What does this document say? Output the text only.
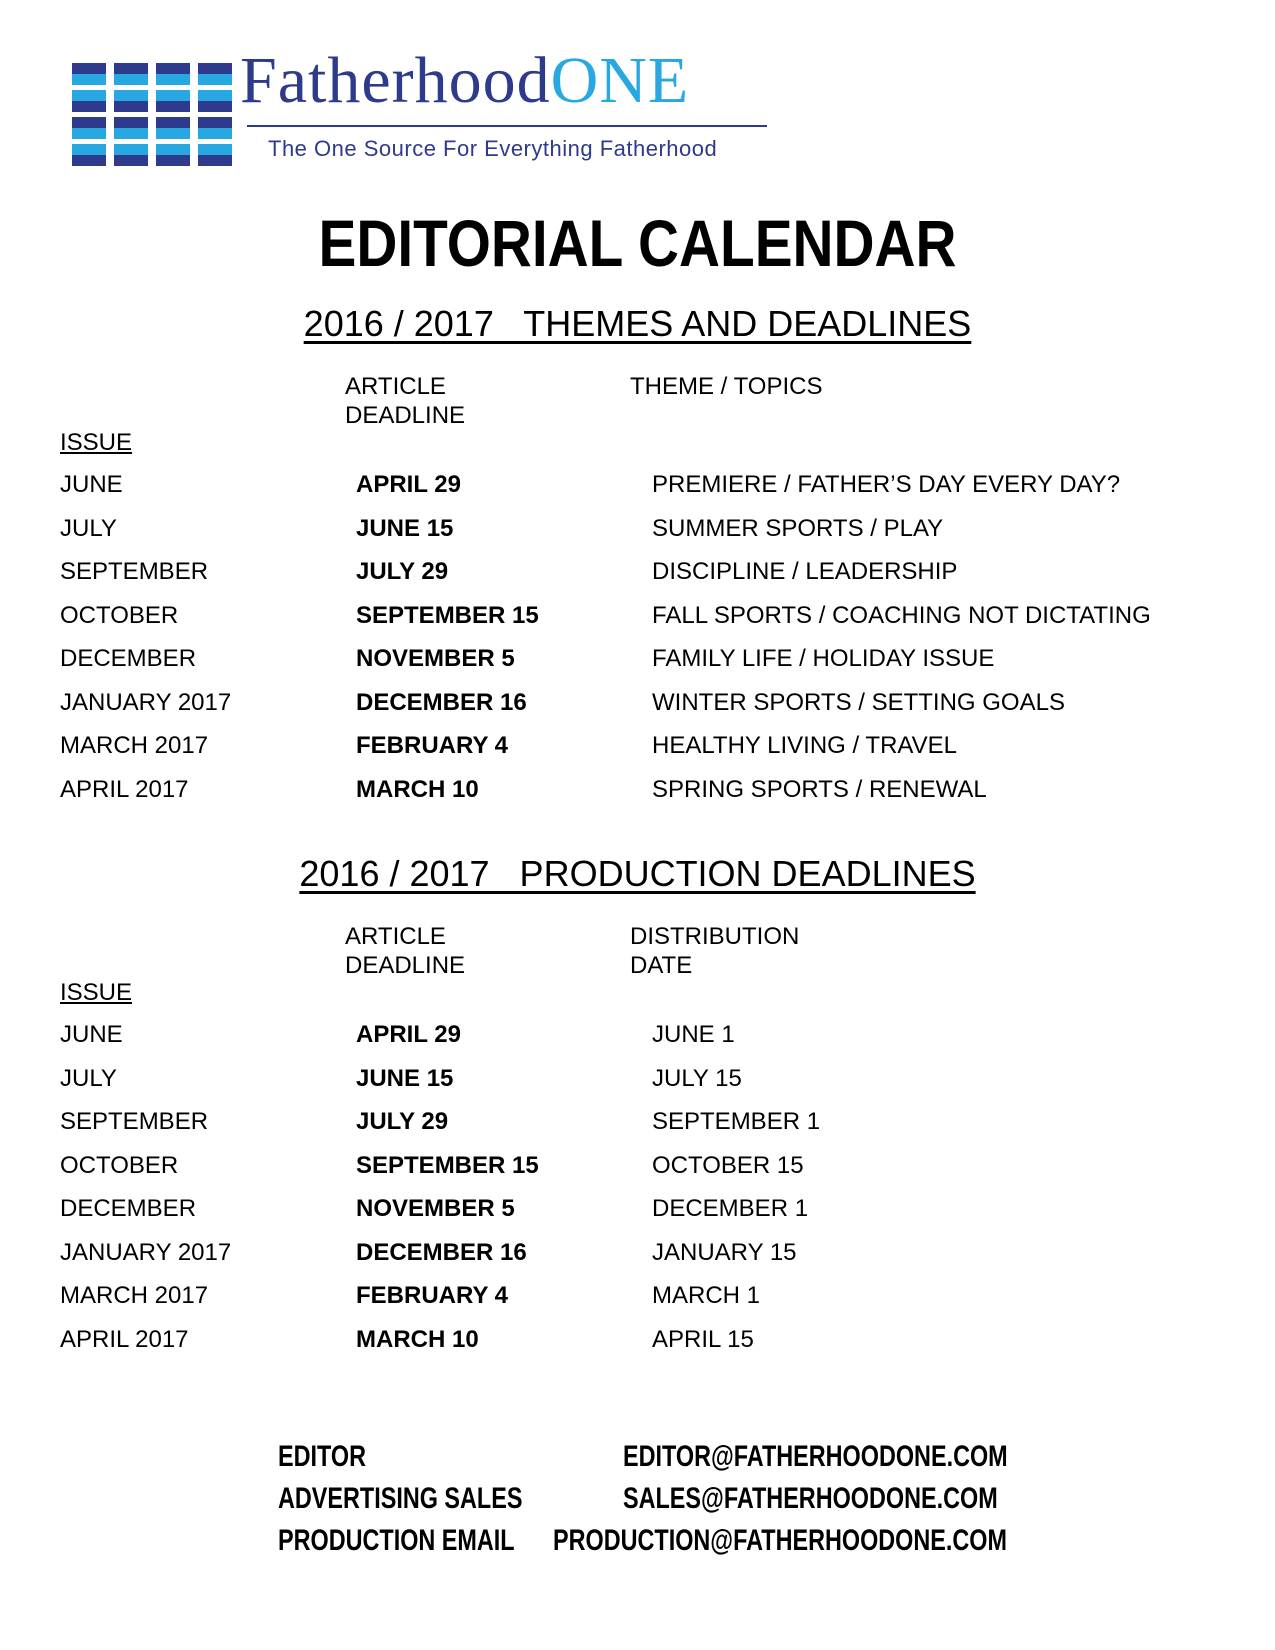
FatherhoodONE
The One Source For Everything Fatherhood
EDITORIAL CALENDAR
2016 / 2017   THEMES AND DEADLINES
ARTICLE
DEADLINE
THEME / TOPICS
ISSUE
JUNE	APRIL 29	PREMIERE / FATHER’S DAY EVERY DAY?
JULY	JUNE 15	SUMMER SPORTS / PLAY
SEPTEMBER	JULY 29	DISCIPLINE / LEADERSHIP
OCTOBER	SEPTEMBER 15	FALL SPORTS / COACHING NOT DICTATING
DECEMBER	NOVEMBER 5	FAMILY LIFE / HOLIDAY ISSUE
JANUARY 2017	DECEMBER 16	WINTER SPORTS / SETTING GOALS
MARCH 2017	FEBRUARY 4	HEALTHY LIVING / TRAVEL
APRIL 2017	MARCH 10	SPRING SPORTS / RENEWAL
2016 / 2017   PRODUCTION DEADLINES
ARTICLE
DEADLINE
DISTRIBUTION
DATE
ISSUE
JUNE	APRIL 29	JUNE 1
JULY	JUNE 15	JULY 15
SEPTEMBER	JULY 29	SEPTEMBER 1
OCTOBER	SEPTEMBER 15	OCTOBER 15
DECEMBER	NOVEMBER 5	DECEMBER 1
JANUARY 2017	DECEMBER 16	JANUARY 15
MARCH 2017	FEBRUARY 4	MARCH 1
APRIL 2017	MARCH 10	APRIL 15
EDITOR	EDITOR@FATHERHOODONE.COM
ADVERTISING SALES	SALES@FATHERHOODONE.COM
PRODUCTION EMAIL PRODUCTION@FATHERHOODONE.COM
